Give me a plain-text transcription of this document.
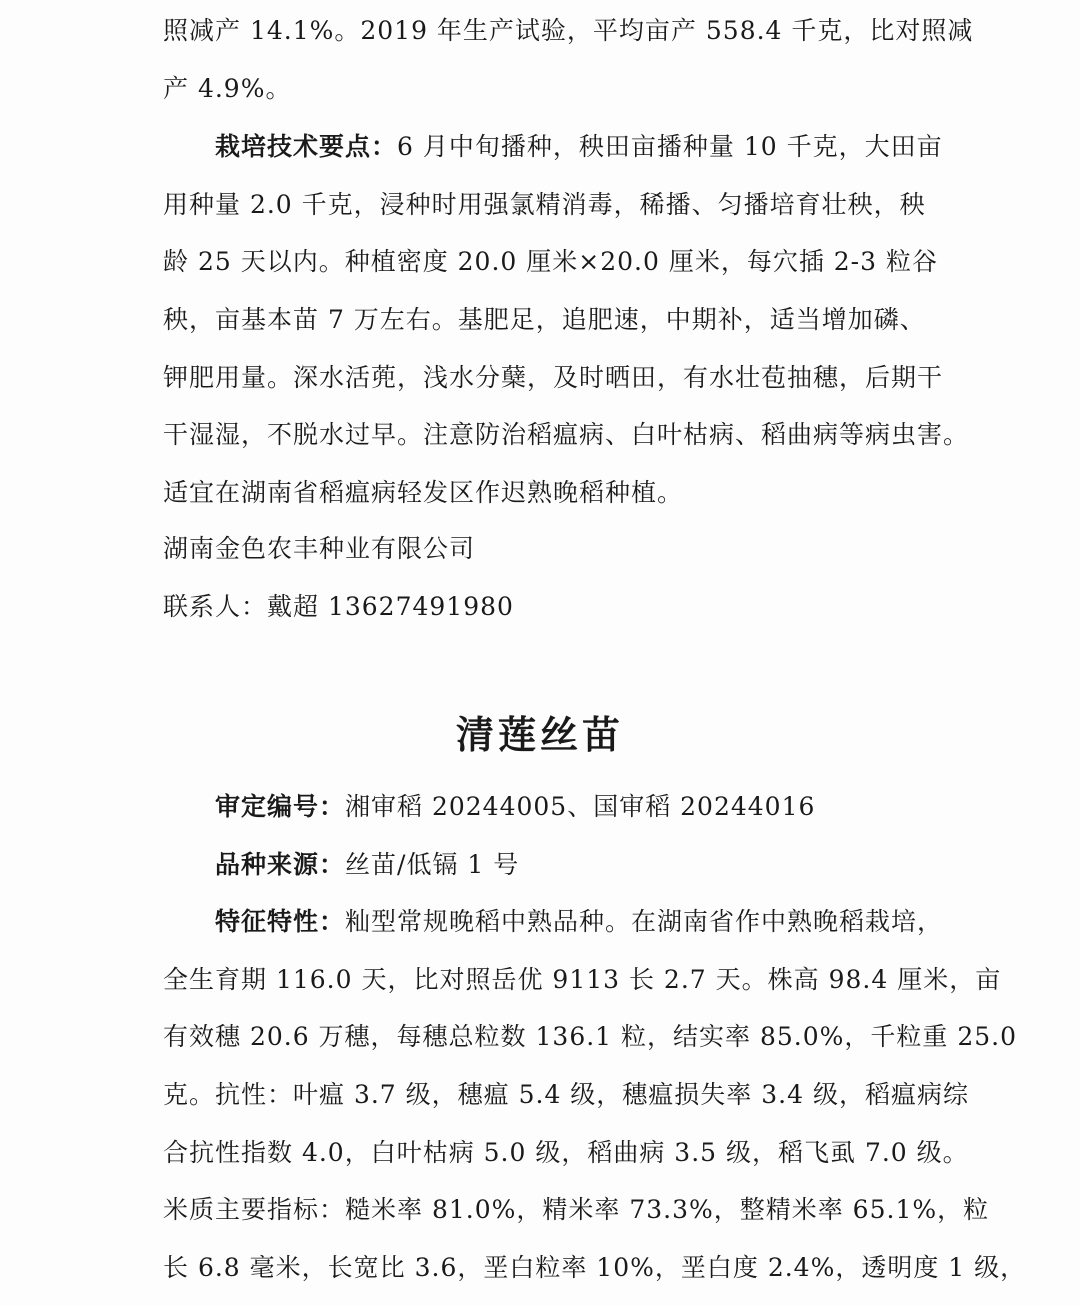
照减产 14.1%。2019 年生产试验，平均亩产 558.4 千克，比对照减
产 4.9%。
栽培技术要点：6 月中旬播种，秧田亩播种量 10 千克，大田亩
用种量 2.0 千克，浸种时用强氯精消毒，稀播、匀播培育壮秧，秧
龄 25 天以内。种植密度 20.0 厘米×20.0 厘米，每穴插 2-3 粒谷
秧，亩基本苗 7 万左右。基肥足，追肥速，中期补，适当增加磷、
钾肥用量。深水活蔸，浅水分蘖，及时晒田，有水壮苞抽穗，后期干
干湿湿，不脱水过早。注意防治稻瘟病、白叶枯病、稻曲病等病虫害。
适宜在湖南省稻瘟病轻发区作迟熟晚稻种植。
湖南金色农丰种业有限公司
联系人：戴超 13627491980
清莲丝苗
审定编号：湘审稻 20244005、国审稻 20244016
品种来源：丝苗/低镉 1 号
特征特性：籼型常规晚稻中熟品种。在湖南省作中熟晚稻栽培，
全生育期 116.0 天，比对照岳优 9113 长 2.7 天。株高 98.4 厘米，亩
有效穗 20.6 万穗，每穗总粒数 136.1 粒，结实率 85.0%，千粒重 25.0
克。抗性：叶瘟 3.7 级，穗瘟 5.4 级，穗瘟损失率 3.4 级，稻瘟病综
合抗性指数 4.0，白叶枯病 5.0 级，稻曲病 3.5 级，稻飞虱 7.0 级。
米质主要指标：糙米率 81.0%，精米率 73.3%，整精米率 65.1%，粒
长 6.8 毫米，长宽比 3.6，垩白粒率 10%，垩白度 2.4%，透明度 1 级，
